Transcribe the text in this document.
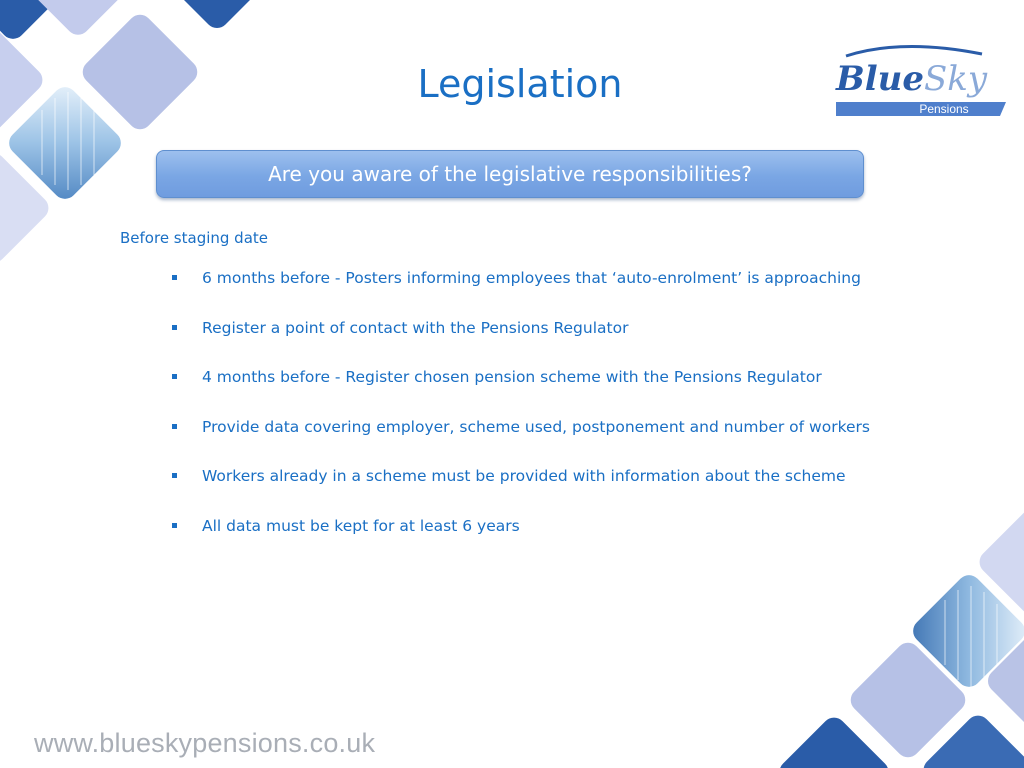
Legislation	Blue Sky
Pensions
Are you aware of the legislative responsibilities?
Before staging date
6 months before - Posters informing employees that ‘auto-enrolment’ is approaching
Register a point of contact with the Pensions Regulator
4 months before - Register chosen pension scheme with the Pensions Regulator
Provide data covering employer, scheme used, postponement and number of workers
Workers already in a scheme must be provided with information about the scheme
All data must be kept for at least 6 years
www.blueskypensions.co.uk
